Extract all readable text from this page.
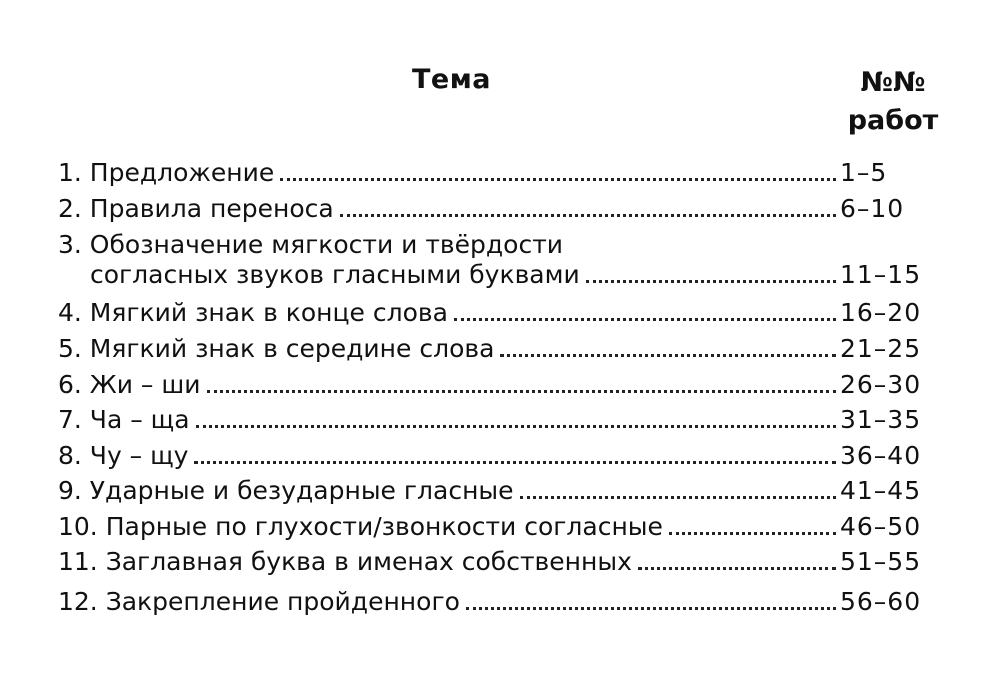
Тема	№№
работ
1. Предложение	1–5
2. Правила переноса	6–10
3. Обозначение мягкости и твёрдости
согласных звуков гласными буквами	11–15
4. Мягкий знак в конце слова	16–20
5. Мягкий знак в середине слова	21–25
6. Жи – ши	26–30
7. Ча – ща	31–35
8. Чу – щу	36–40
9. Ударные и безударные гласные	41–45
10. Парные по глухости/звонкости согласные	46–50
11. Заглавная буква в именах собственных	51–55
12. Закрепление пройденного	56–60
